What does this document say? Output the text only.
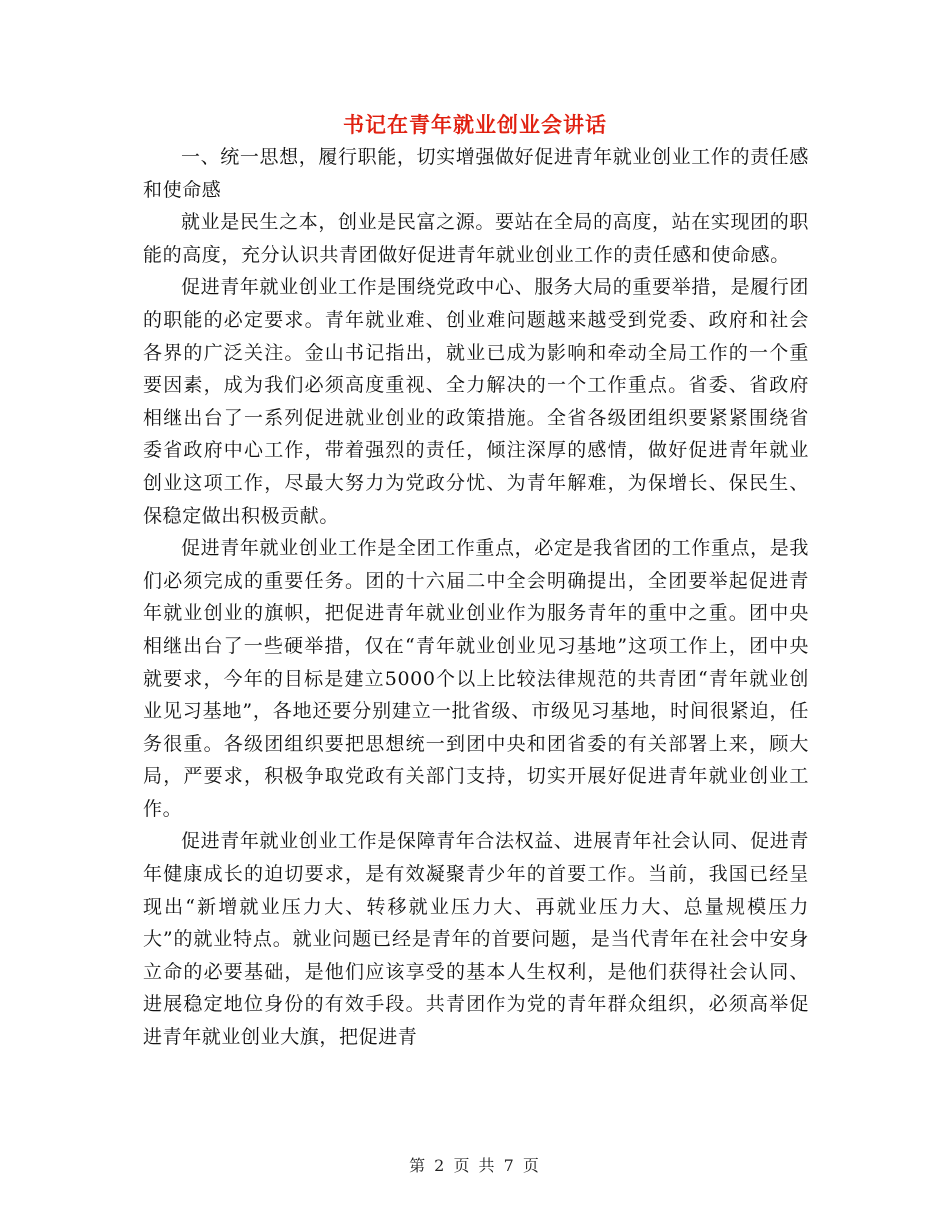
书记在青年就业创业会讲话

一、统一思想，履行职能，切实增强做好促进青年就业创业工作的责任感和使命感

就业是民生之本，创业是民富之源。要站在全局的高度，站在实现团的职能的高度，充分认识共青团做好促进青年就业创业工作的责任感和使命感。

促进青年就业创业工作是围绕党政中心、服务大局的重要举措，是履行团的职能的必定要求。青年就业难、创业难问题越来越受到党委、政府和社会各界的广泛关注。金山书记指出，就业已成为影响和牵动全局工作的一个重要因素，成为我们必须高度重视、全力解决的一个工作重点。省委、省政府相继出台了一系列促进就业创业的政策措施。全省各级团组织要紧紧围绕省委省政府中心工作，带着强烈的责任，倾注深厚的感情，做好促进青年就业创业这项工作，尽最大努力为党政分忧、为青年解难，为保增长、保民生、保稳定做出积极贡献。

促进青年就业创业工作是全团工作重点，必定是我省团的工作重点，是我们必须完成的重要任务。团的十六届二中全会明确提出，全团要举起促进青年就业创业的旗帜，把促进青年就业创业作为服务青年的重中之重。团中央相继出台了一些硬举措，仅在“青年就业创业见习基地”这项工作上，团中央就要求，今年的目标是建立5000个以上比较法律规范的共青团“青年就业创业见习基地”，各地还要分别建立一批省级、市级见习基地，时间很紧迫，任务很重。各级团组织要把思想统一到团中央和团省委的有关部署上来，顾大局，严要求，积极争取党政有关部门支持，切实开展好促进青年就业创业工作。

促进青年就业创业工作是保障青年合法权益、进展青年社会认同、促进青年健康成长的迫切要求，是有效凝聚青少年的首要工作。当前，我国已经呈现出“新增就业压力大、转移就业压力大、再就业压力大、总量规模压力大”的就业特点。就业问题已经是青年的首要问题，是当代青年在社会中安身立命的必要基础，是他们应该享受的基本人生权利，是他们获得社会认同、进展稳定地位身份的有效手段。共青团作为党的青年群众组织，必须高举促进青年就业创业大旗，把促进青

第 2 页 共 7 页
